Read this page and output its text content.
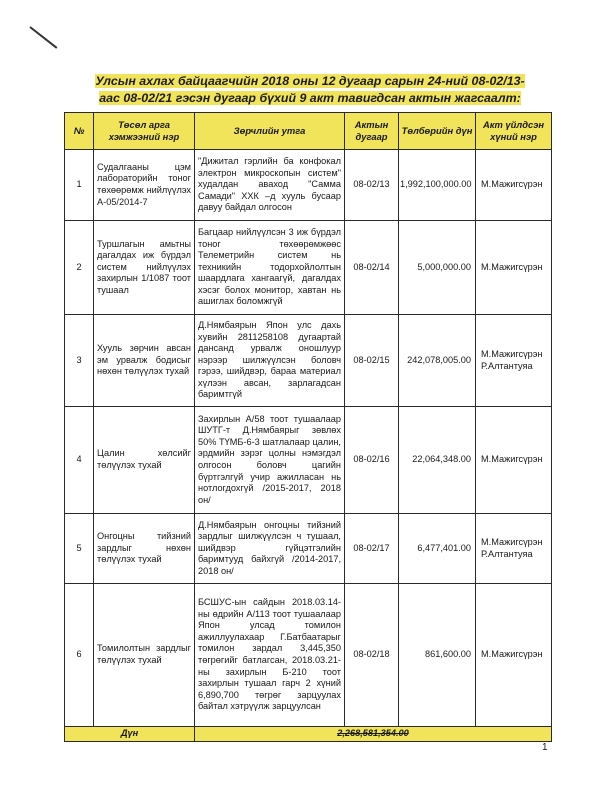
Улсын ахлах байцаагчийн 2018 оны 12 дугаар сарын 24-ний 08-02/13-аас 08-02/21 гэсэн дугаар бүхий 9 акт тавигдсан актын жагсаалт:
№	Төсөл арга хэмжээний нэр	Зөрчлийн утга	Актын дугаар	Төлбөрийн дүн	Акт үйлдсэн хүний нэр
1	Судалгааны цэм лабораторийн тоног төхөөрөмж нийлүүлэх А-05/2014-7	"Дижитал гэрлийн ба конфокал электрон микроскопын систем" худалдан аваход "Самма Самади" ХХК –д хууль бусаар давуу байдал олгосон	08-02/13	1,992,100,000.00	М.Мажигсүрэн
2	Туршлагын амьтны дагалдах иж бүрдэл систем нийлүүлэх захирлын 1/1087 тоот тушаал	Багцаар нийлүүлсэн 3 иж бүрдэл тоног төхөөрөмжөөс Телеметрийн систем нь техникийн тодорхойлолтын шаардлага хангаагүй, дагалдах хэсэг болох монитор, хавтан нь ашиглах боломжгүй	08-02/14	5,000,000.00	М.Мажигсүрэн
3	Хууль зөрчин авсан эм урвалж бодисыг нөхөн төлүүлэх тухай	Д.Нямбаярын Япон улс дахь хувийн 2811258108 дугаартай дансанд урвалж оношлуур нэрээр шилжүүлсэн боловч гэрээ, шийдвэр, бараа материал хүлээн авсан, зарлагадсан баримтгүй	08-02/15	242,078,005.00	М.Мажигсүрэн
Р.Алтантуяа

4	Цалин хөлсийг төлүүлэх тухай	Захирлын А/58 тоот тушаалаар ШУТГ-т Д.Нямбаярыг зөвлөх 50% ТҮМБ-6-3 шатлалаар цалин, эрдмийн зэрэг цолны нэмэгдэл олгосон боловч цагийн бүртгэлгүй учир ажилласан нь нотлогдохгүй /2015-2017, 2018 он/	08-02/16	22,064,348.00	М.Мажигсүрэн
5	Онгоцны тийзний зардлыг нөхөн төлүүлэх тухай	Д.Нямбаярын онгоцны тийзний зардлыг шилжүүлсэн ч тушаал, шийдвэр гүйцэтгэлийн баримтууд байхгүй /2014-2017, 2018 он/	08-02/17	6,477,401.00	М.Мажигсүрэн
Р.Алтантуяа

6	Томилолтын зардлыг төлүүлэх тухай	БСШУС-ын сайдын 2018.03.14-ны өдрийн А/113 тоот тушаалаар Япон улсад томилон ажиллуулахаар Г.Батбаатарыг томилон зардал 3,445,350 төгрөгийг батлагсан, 2018.03.21-ны захирлын Б-210 тоот захирлын тушаал гарч 2 хүний 6,890,700 төгрөг зарцуулах байтал хэтрүүлж зарцуулсан	08-02/18	861,600.00	М.Мажигсүрэн
Дүн		2,268,581,354.00			
1
